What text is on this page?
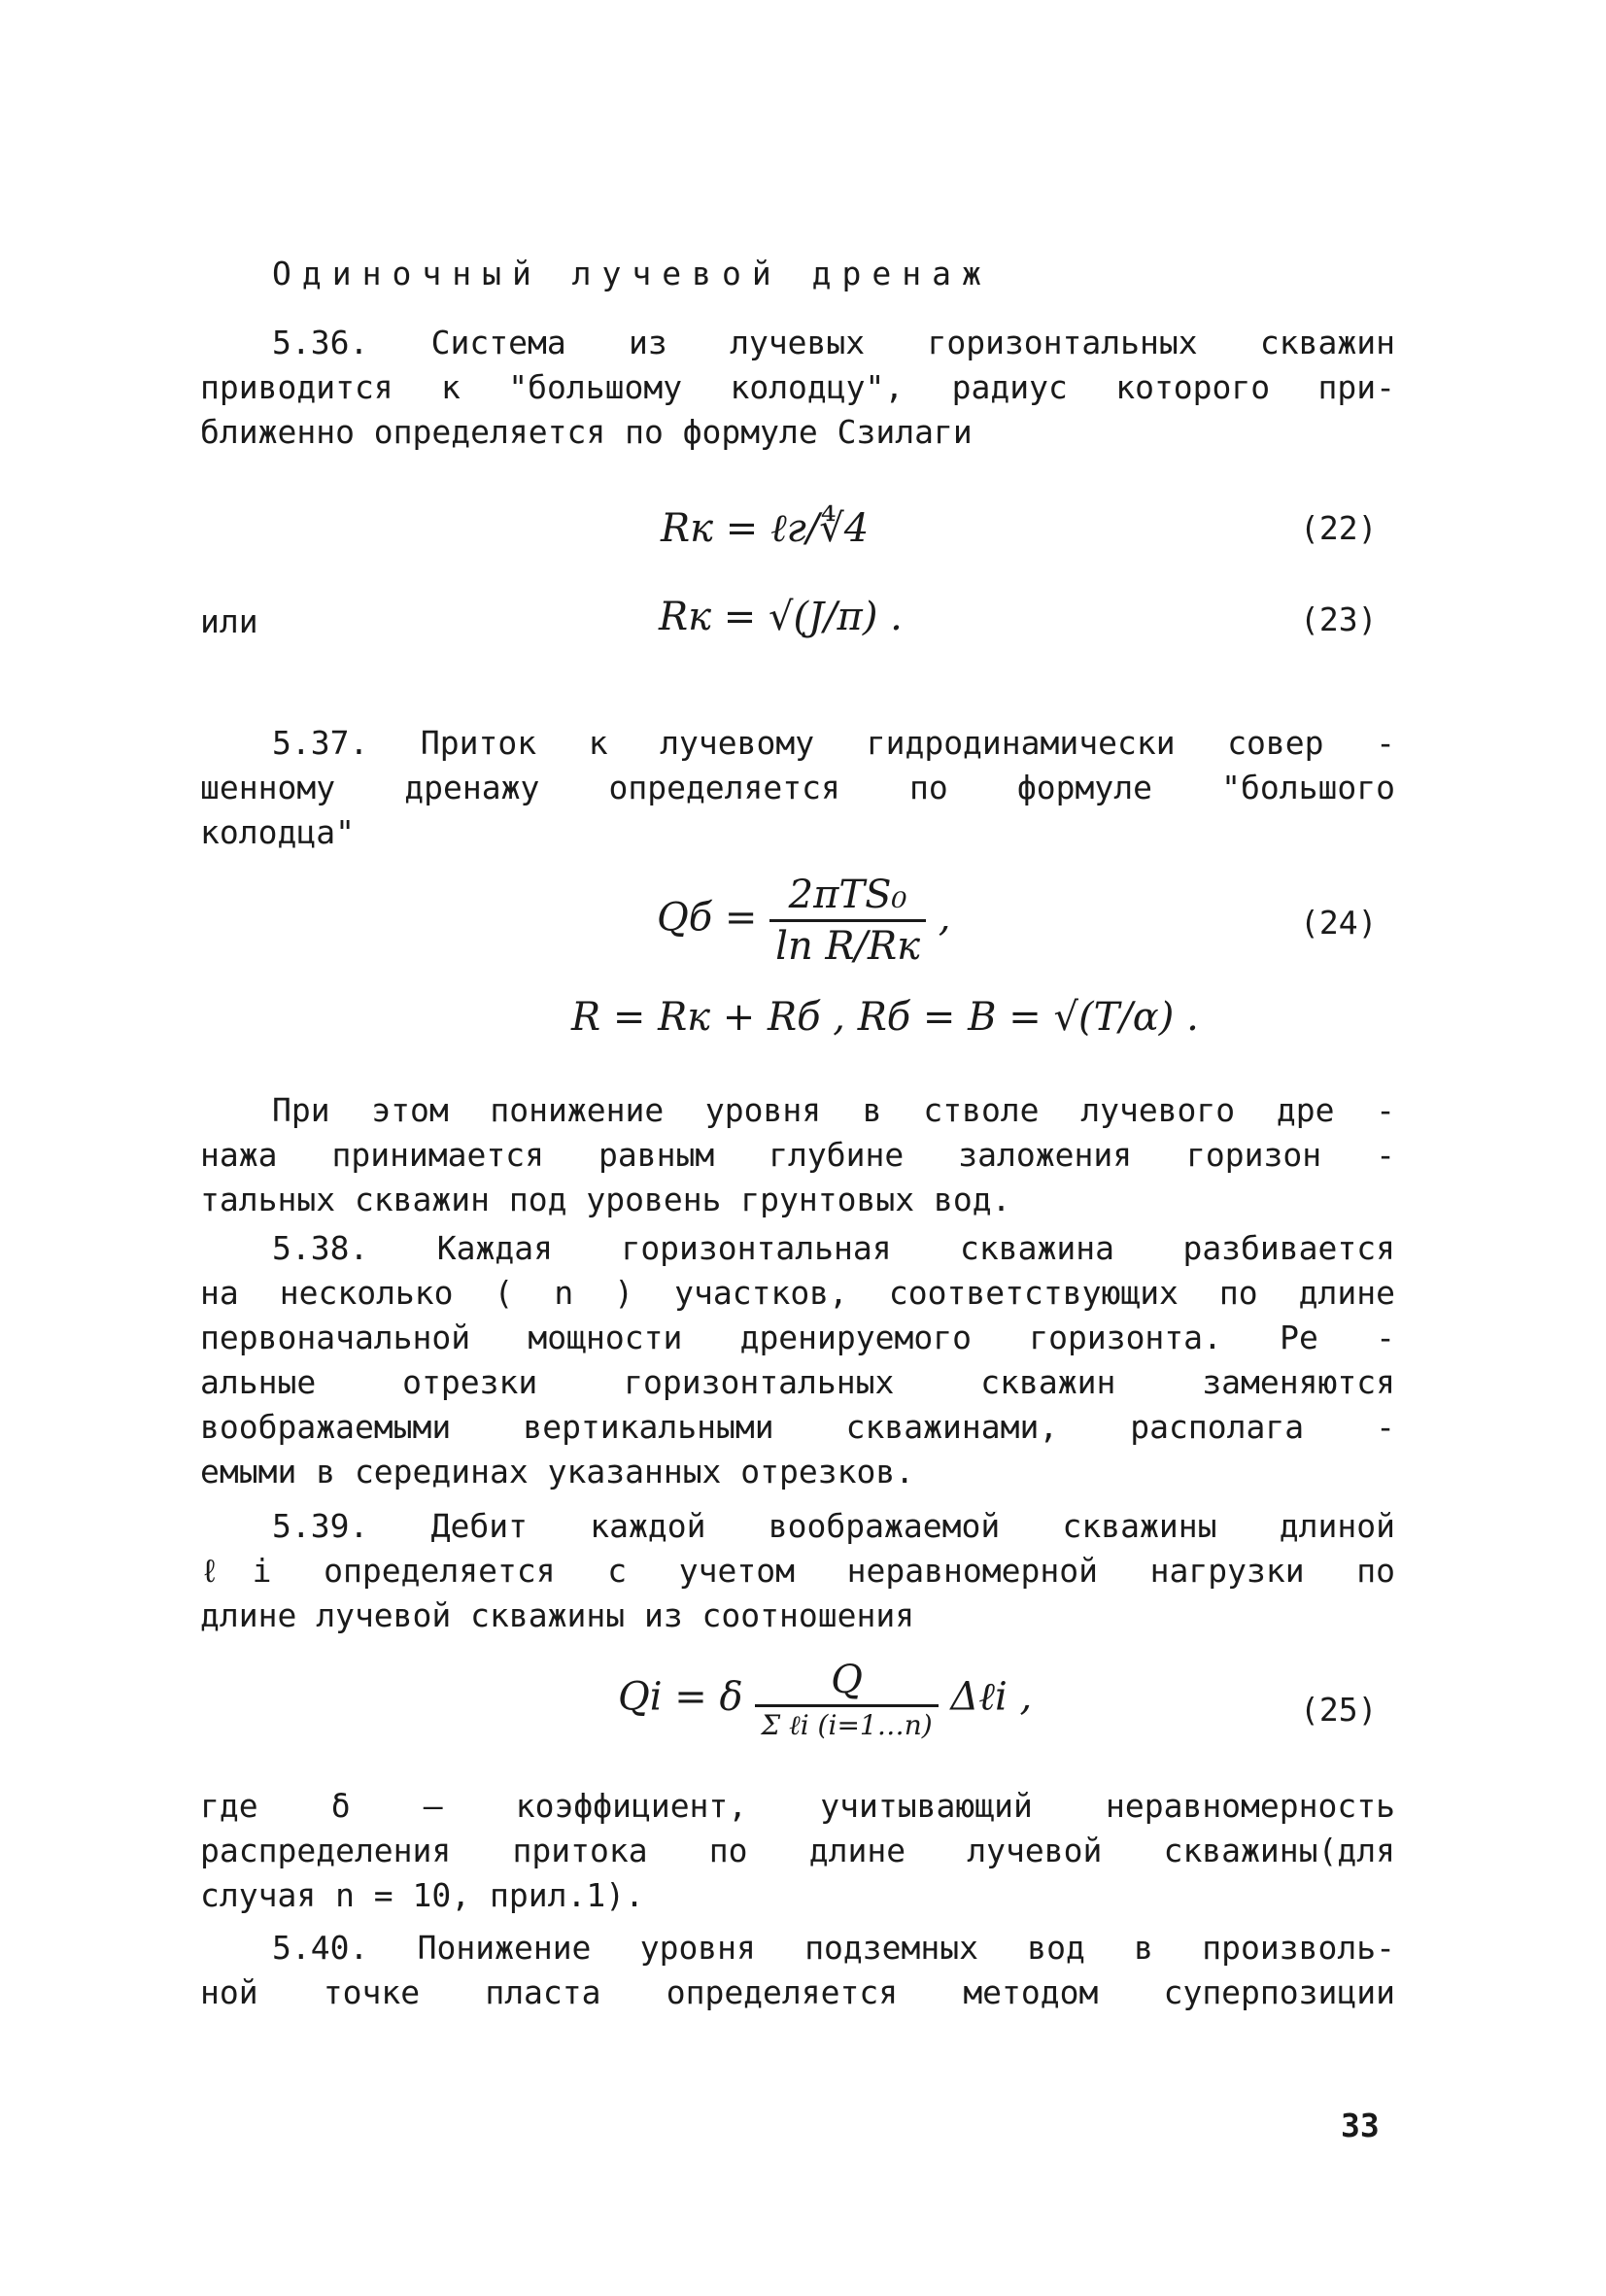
Одиночный лучевой дренаж
5.36. Система из лучевых горизонтальных скважин
приводится к "большому колодцу", радиус которого при-
ближенно определяется по формуле Сзилаги
Rк = ℓг/∜4	(22)
или	Rк = √(J/π) .	(23)
5.37. Приток к лучевому гидродинамически совер -
шенному дренажу определяется по формуле "большого
колодца"
Qб = $\frac{\text{2πTS₀}}{\text{ln R/Rк}}$ ,	(24)
R = Rк + Rб , Rб = B = √(T/α) .
При этом понижение уровня в стволе лучевого дре -
нажа принимается равным глубине заложения горизон -
тальных скважин под уровень грунтовых вод.
5.38. Каждая горизонтальная скважина разбивается
на несколько ( n ) участков, соответствующих по длине
первоначальной мощности дренируемого горизонта. Ре -
альные отрезки горизонтальных скважин заменяются
воображаемыми вертикальными скважинами, располага -
емыми в серединах указанных отрезков.
5.39. Дебит каждой воображаемой скважины длиной
ℓi определяется с учетом неравномерной нагрузки по
длине лучевой скважины из соотношения
Qi = δ $\frac{Q}{\text{Σ ℓi (i=1…n)}}$ Δℓi ,	(25)
где δ – коэффициент, учитывающий неравномерность
распределения притока по длине лучевой скважины(для
случая n = 10, прил.1).
5.40. Понижение уровня подземных вод в произволь-
ной точке пласта определяется методом суперпозиции
33
